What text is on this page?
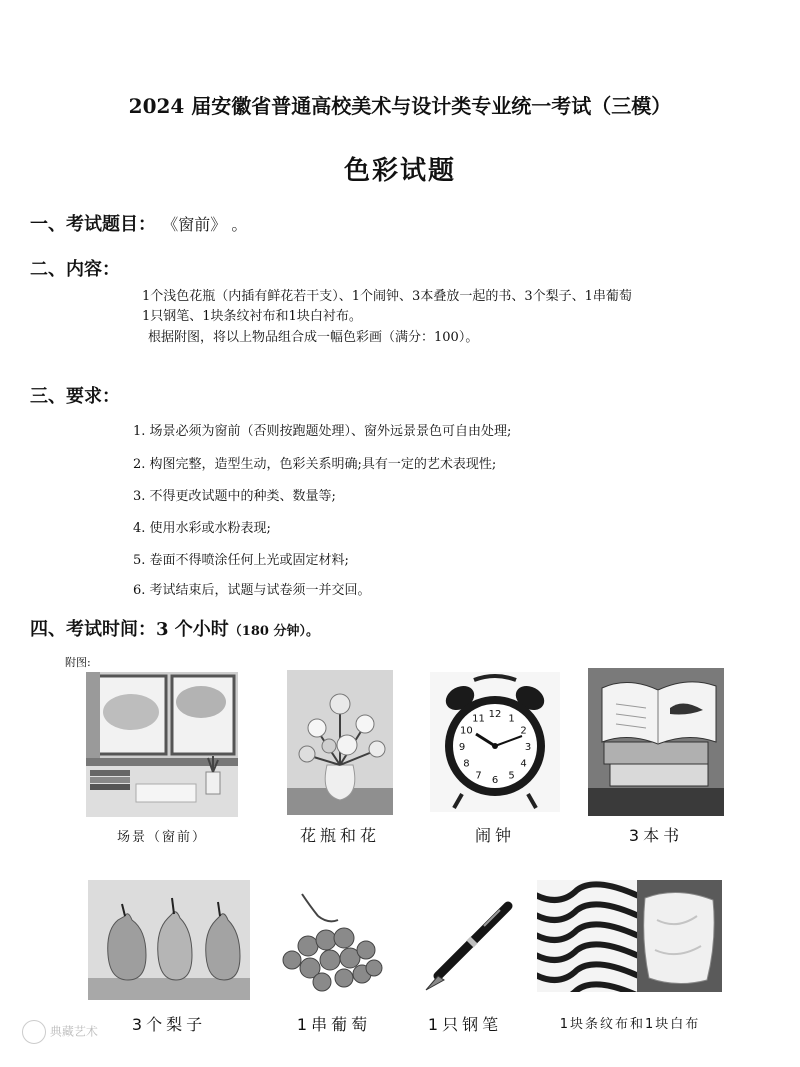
2024 届安徽省普通高校美术与设计类专业统一考试（三模）
色彩试题
一、考试题目： 《窗前》 。
二、内容：
1个浅色花瓶（内插有鲜花若干支）、1个闹钟、3本叠放一起的书、3个梨子、1串葡萄
1只钢笔、1块条纹衬布和1块白衬布。
根据附图，将以上物品组合成一幅色彩画（满分：100）。
三、要求：
1. 场景必须为窗前（否则按跑题处理）、窗外远景景色可自由处理;
2. 构图完整，造型生动，色彩关系明确;具有一定的艺术表现性;
3. 不得更改试题中的种类、数量等;
4. 使用水彩或水粉表现;
5. 卷面不得喷涂任何上光或固定材料;
6. 考试结束后，试题与试卷须一并交回。
四、考试时间：3 个小时（180 分钟）。
附图:
12 1
2
3
4
5
6
7
8
9
10
11
场景（窗前）	花瓶和花	闹钟	3本书
3个梨子	1串葡萄	1只钢笔	1块条纹布和1块白布
典藏艺术
